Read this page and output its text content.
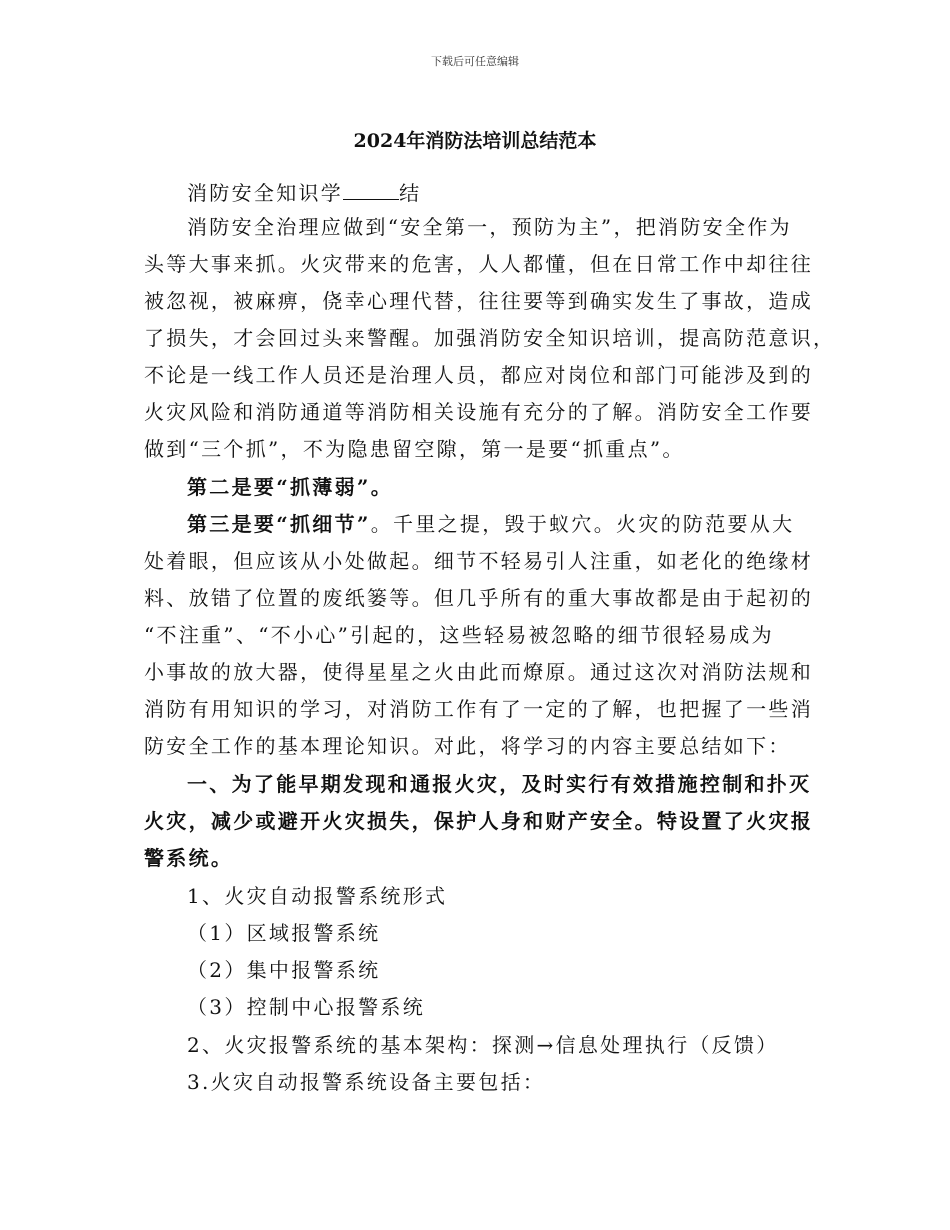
下载后可任意编辑
2024年消防法培训总结范本
消防安全知识学	结
消防安全治理应做到“安全第一，预防为主”，把消防安全作为
头等大事来抓。火灾带来的危害，人人都懂，但在日常工作中却往往
被忽视，被麻痹，侥幸心理代替，往往要等到确实发生了事故，造成
了损失，才会回过头来警醒。加强消防安全知识培训，提高防范意识，
不论是一线工作人员还是治理人员，都应对岗位和部门可能涉及到的
火灾风险和消防通道等消防相关设施有充分的了解。消防安全工作要
做到“三个抓”，不为隐患留空隙，第一是要“抓重点”。
第二是要“抓薄弱”。
第三是要“抓细节”。千里之提，毁于蚁穴。火灾的防范要从大
处着眼，但应该从小处做起。细节不轻易引人注重，如老化的绝缘材
料、放错了位置的废纸篓等。但几乎所有的重大事故都是由于起初的
“不注重”、“不小心”引起的，这些轻易被忽略的细节很轻易成为
小事故的放大器，使得星星之火由此而燎原。通过这次对消防法规和
消防有用知识的学习，对消防工作有了一定的了解，也把握了一些消
防安全工作的基本理论知识。对此，将学习的内容主要总结如下：
一、为了能早期发现和通报火灾，及时实行有效措施控制和扑灭
火灾，减少或避开火灾损失，保护人身和财产安全。特设置了火灾报
警系统。
1、火灾自动报警系统形式
（1）区域报警系统
（2）集中报警系统
（3）控制中心报警系统
2、火灾报警系统的基本架构：探测→信息处理执行（反馈）
3.火灾自动报警系统设备主要包括：
